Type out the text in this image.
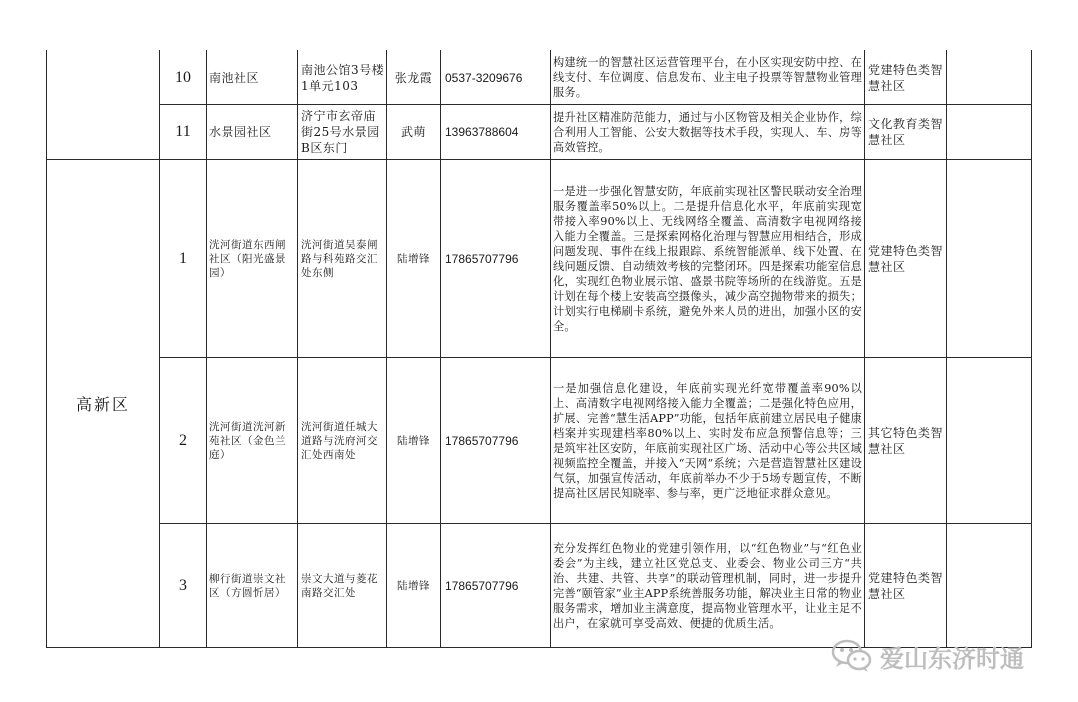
高新区
10 南池社区
南池公馆3号楼1单元103
张龙霞 0537-3209676
构建统一的智慧社区运营管理平台，在小区实现安防中控、在线支付、车位调度、信息发布、业主电子投票等智慧物业管理服务。
党建特色类智慧社区
11 水景园社区
济宁市玄帝庙街25号水景园B区东门
武萌 13963788604
提升社区精准防范能力，通过与小区物管及相关企业协作，综合利用人工智能、公安大数据等技术手段，实现人、车、房等高效管控。
文化教育类智慧社区
1
洸河街道东西闸社区（阳光盛景园）
洸河街道吴泰闸路与科苑路交汇处东侧
陆增锋 17865707796
一是进一步强化智慧安防，年底前实现社区警民联动安全治理服务覆盖率50%以上。二是提升信息化水平，年底前实现宽带接入率90%以上、无线网络全覆盖、高清数字电视网络接入能力全覆盖。三是探索网格化治理与智慧应用相结合，形成问题发现、事件在线上报跟踪、系统智能派单、线下处置、在线问题反馈、自动绩效考核的完整闭环。四是探索功能室信息化，实现红色物业展示馆、盛景书院等场所的在线游览。五是计划在每个楼上安装高空摄像头，减少高空抛物带来的损失；计划实行电梯刷卡系统，避免外来人员的进出，加强小区的安全。
党建特色类智慧社区
2
洸河街道洸河新苑社区（金色兰庭）
洸河街道任城大道路与洸府河交汇处西南处
陆增锋 17865707796
一是加强信息化建设，年底前实现光纤宽带覆盖率90%以上、高清数字电视网络接入能力全覆盖；二是强化特色应用，扩展、完善“慧生活APP”功能，包括年底前建立居民电子健康档案并实现建档率80%以上、实时发布应急预警信息等；三是筑牢社区安防，年底前实现社区广场、活动中心等公共区域视频监控全覆盖，并接入“天网”系统；六是营造智慧社区建设气氛，加强宣传活动，年底前举办不少于5场专题宣传，不断提高社区居民知晓率、参与率，更广泛地征求群众意见。
其它特色类智慧社区
3 柳行街道崇文社区（方圆忻居）
崇文大道与菱花南路交汇处
陆增锋 17865707796
充分发挥红色物业的党建引领作用，以“红色物业”与“红色业委会”为主线，建立社区党总支、业委会、物业公司三方“共治、共建、共管、共享”的联动管理机制，同时，进一步提升完善“颐管家”业主APP系统善服务功能，解决业主日常的物业服务需求，增加业主满意度，提高物业管理水平，让业主足不出户，在家就可享受高效、便捷的优质生活。
党建特色类智慧社区
爱山东济时通
